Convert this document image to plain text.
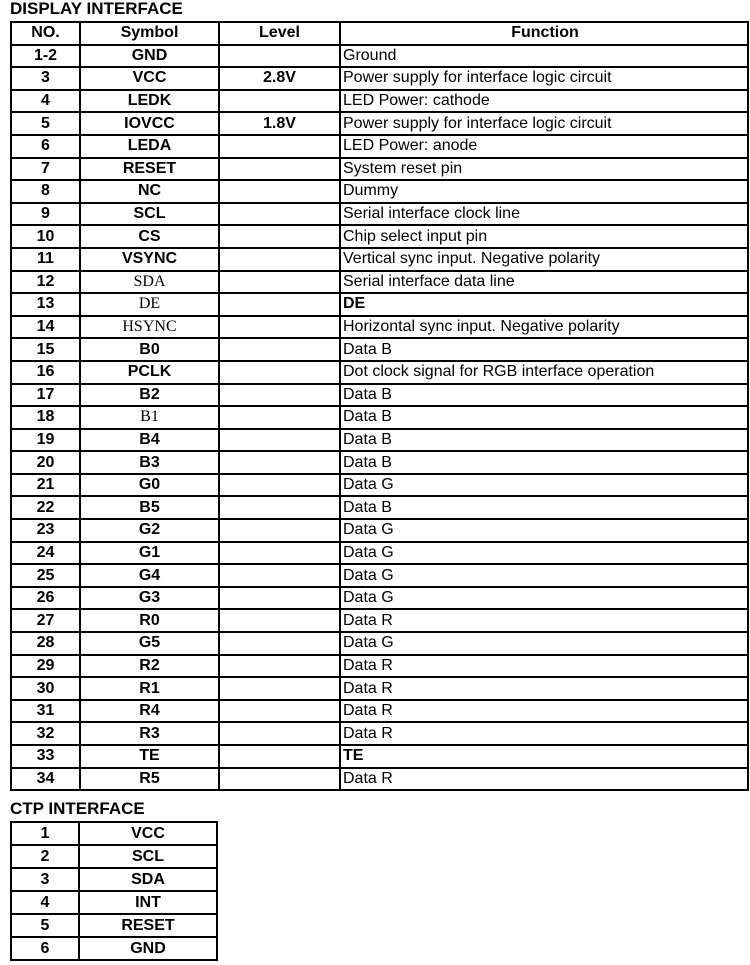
DISPLAY INTERFACE
NO.	Symbol	Level	Function
1-2	GND		Ground
3	VCC	2.8V	Power supply for interface logic circuit
4	LEDK		LED Power: cathode
5	IOVCC	1.8V	Power supply for interface logic circuit
6	LEDA		LED Power: anode
7	RESET		System reset pin
8	NC		Dummy
9	SCL		Serial interface clock line
10	CS		Chip select input pin
11	VSYNC		Vertical sync input. Negative polarity
12	SDA		Serial interface data line
13	DE		DE
14	HSYNC		Horizontal sync input. Negative polarity
15	B0		Data B
16	PCLK		Dot clock signal for RGB interface operation
17	B2		Data B
18	B1		Data B
19	B4		Data B
20	B3		Data B
21	G0		Data G
22	B5		Data B
23	G2		Data G
24	G1		Data G
25	G4		Data G
26	G3		Data G
27	R0		Data R
28	G5		Data G
29	R2		Data R
30	R1		Data R
31	R4		Data R
32	R3		Data R
33	TE		TE
34	R5		Data R
CTP INTERFACE
1	VCC
2	SCL
3	SDA
4	INT
5	RESET
6	GND
